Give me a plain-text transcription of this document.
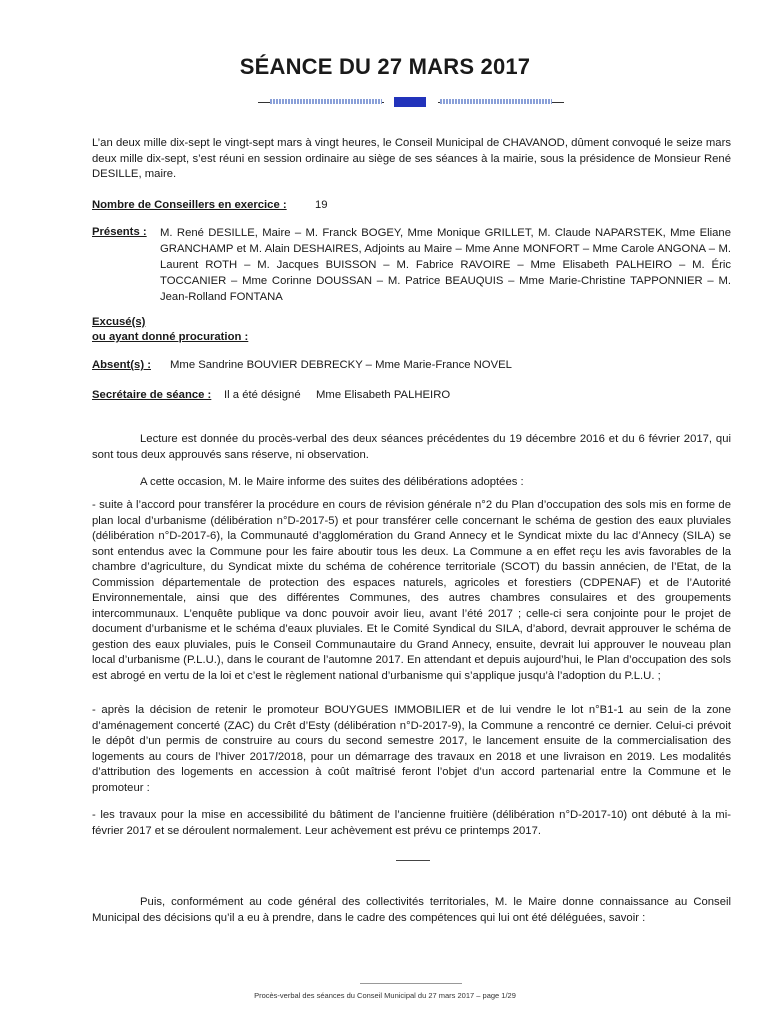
SÉANCE DU 27 MARS 2017
L’an deux mille dix-sept le vingt-sept mars à vingt heures, le Conseil Municipal de CHAVANOD, dûment convoqué le seize mars deux mille dix-sept, s’est réuni en session ordinaire au siège de ses séances à la mairie, sous la présidence de Monsieur René DESILLE, maire.
Nombre de Conseillers en exercice :	19
Présents : M. René DESILLE, Maire – M. Franck BOGEY, Mme Monique GRILLET, M. Claude NAPARSTEK, Mme Eliane GRANCHAMP et M. Alain DESHAIRES, Adjoints au Maire – Mme Anne MONFORT – Mme Carole ANGONA – M. Laurent ROTH – M. Jacques BUISSON – M. Fabrice RAVOIRE – Mme Elisabeth PALHEIRO – M. Éric TOCCANIER – Mme Corinne DOUSSAN – M. Patrice BEAUQUIS – Mme Marie-Christine TAPPONNIER – M. Jean-Rolland FONTANA
Excusé(s)
ou ayant donné procuration :
Absent(s) : Mme Sandrine BOUVIER DEBRECKY – Mme Marie-France NOVEL
Secrétaire de séance : Il a été désigné Mme Elisabeth PALHEIRO
Lecture est donnée du procès-verbal des deux séances précédentes du 19 décembre 2016 et du 6 février 2017, qui sont tous deux approuvés sans réserve, ni observation.
A cette occasion, M. le Maire informe des suites des délibérations adoptées :
- suite à l’accord pour transférer la procédure en cours de révision générale n°2 du Plan d’occupation des sols mis en forme de plan local d’urbanisme (délibération n°D-2017-5) et pour transférer celle concernant le schéma de gestion des eaux pluviales (délibération n°D-2017-6), la Communauté d’agglomération du Grand Annecy et le Syndicat mixte du lac d’Annecy (SILA) se sont entendus avec la Commune pour les faire aboutir tous les deux. La Commune a en effet reçu les avis favorables de la chambre d’agriculture, du Syndicat mixte du schéma de cohérence territoriale (SCOT) du bassin annécien, de l’Etat, de la Commission départementale de protection des espaces naturels, agricoles et forestiers (CDPENAF) et de l’Autorité Environnementale, ainsi que des différentes Communes, des autres chambres consulaires et des groupements intercommunaux. L’enquête publique va donc pouvoir avoir lieu, avant l’été 2017 ; celle-ci sera conjointe pour le projet de document d’urbanisme et le schéma d’eaux pluviales. Et le Comité Syndical du SILA, d’abord, devrait approuver le schéma de gestion des eaux pluviales, puis le Conseil Communautaire du Grand Annecy, ensuite, devrait lui approuver le nouveau plan local d’urbanisme (P.L.U.), dans le courant de l’automne 2017. En attendant et depuis aujourd’hui, le Plan d’occupation des sols est abrogé en vertu de la loi et c’est le règlement national d’urbanisme qui s’applique jusqu’à l’adoption du P.L.U. ;
- après la décision de retenir le promoteur BOUYGUES IMMOBILIER et de lui vendre le lot n°B1-1 au sein de la zone d’aménagement concerté (ZAC) du Crêt d’Esty (délibération n°D-2017-9), la Commune a rencontré ce dernier. Celui-ci prévoit le dépôt d’un permis de construire au cours du second semestre 2017, le lancement ensuite de la commercialisation des logements au cours de l’hiver 2017/2018, pour un démarrage des travaux en 2018 et une livraison en 2019. Les modalités d’attribution des logements en accession à coût maîtrisé feront l’objet d’un accord partenarial entre la Commune et le promoteur :
- les travaux pour la mise en accessibilité du bâtiment de l’ancienne fruitière (délibération n°D-2017-10) ont débuté à la mi-février 2017 et se déroulent normalement. Leur achèvement est prévu ce printemps 2017.
Puis, conformément au code général des collectivités territoriales, M. le Maire donne connaissance au Conseil Municipal des décisions qu’il a eu à prendre, dans le cadre des compétences qui lui ont été déléguées, savoir :
Procès-verbal des séances du Conseil Municipal du 27 mars 2017 – page 1/29
